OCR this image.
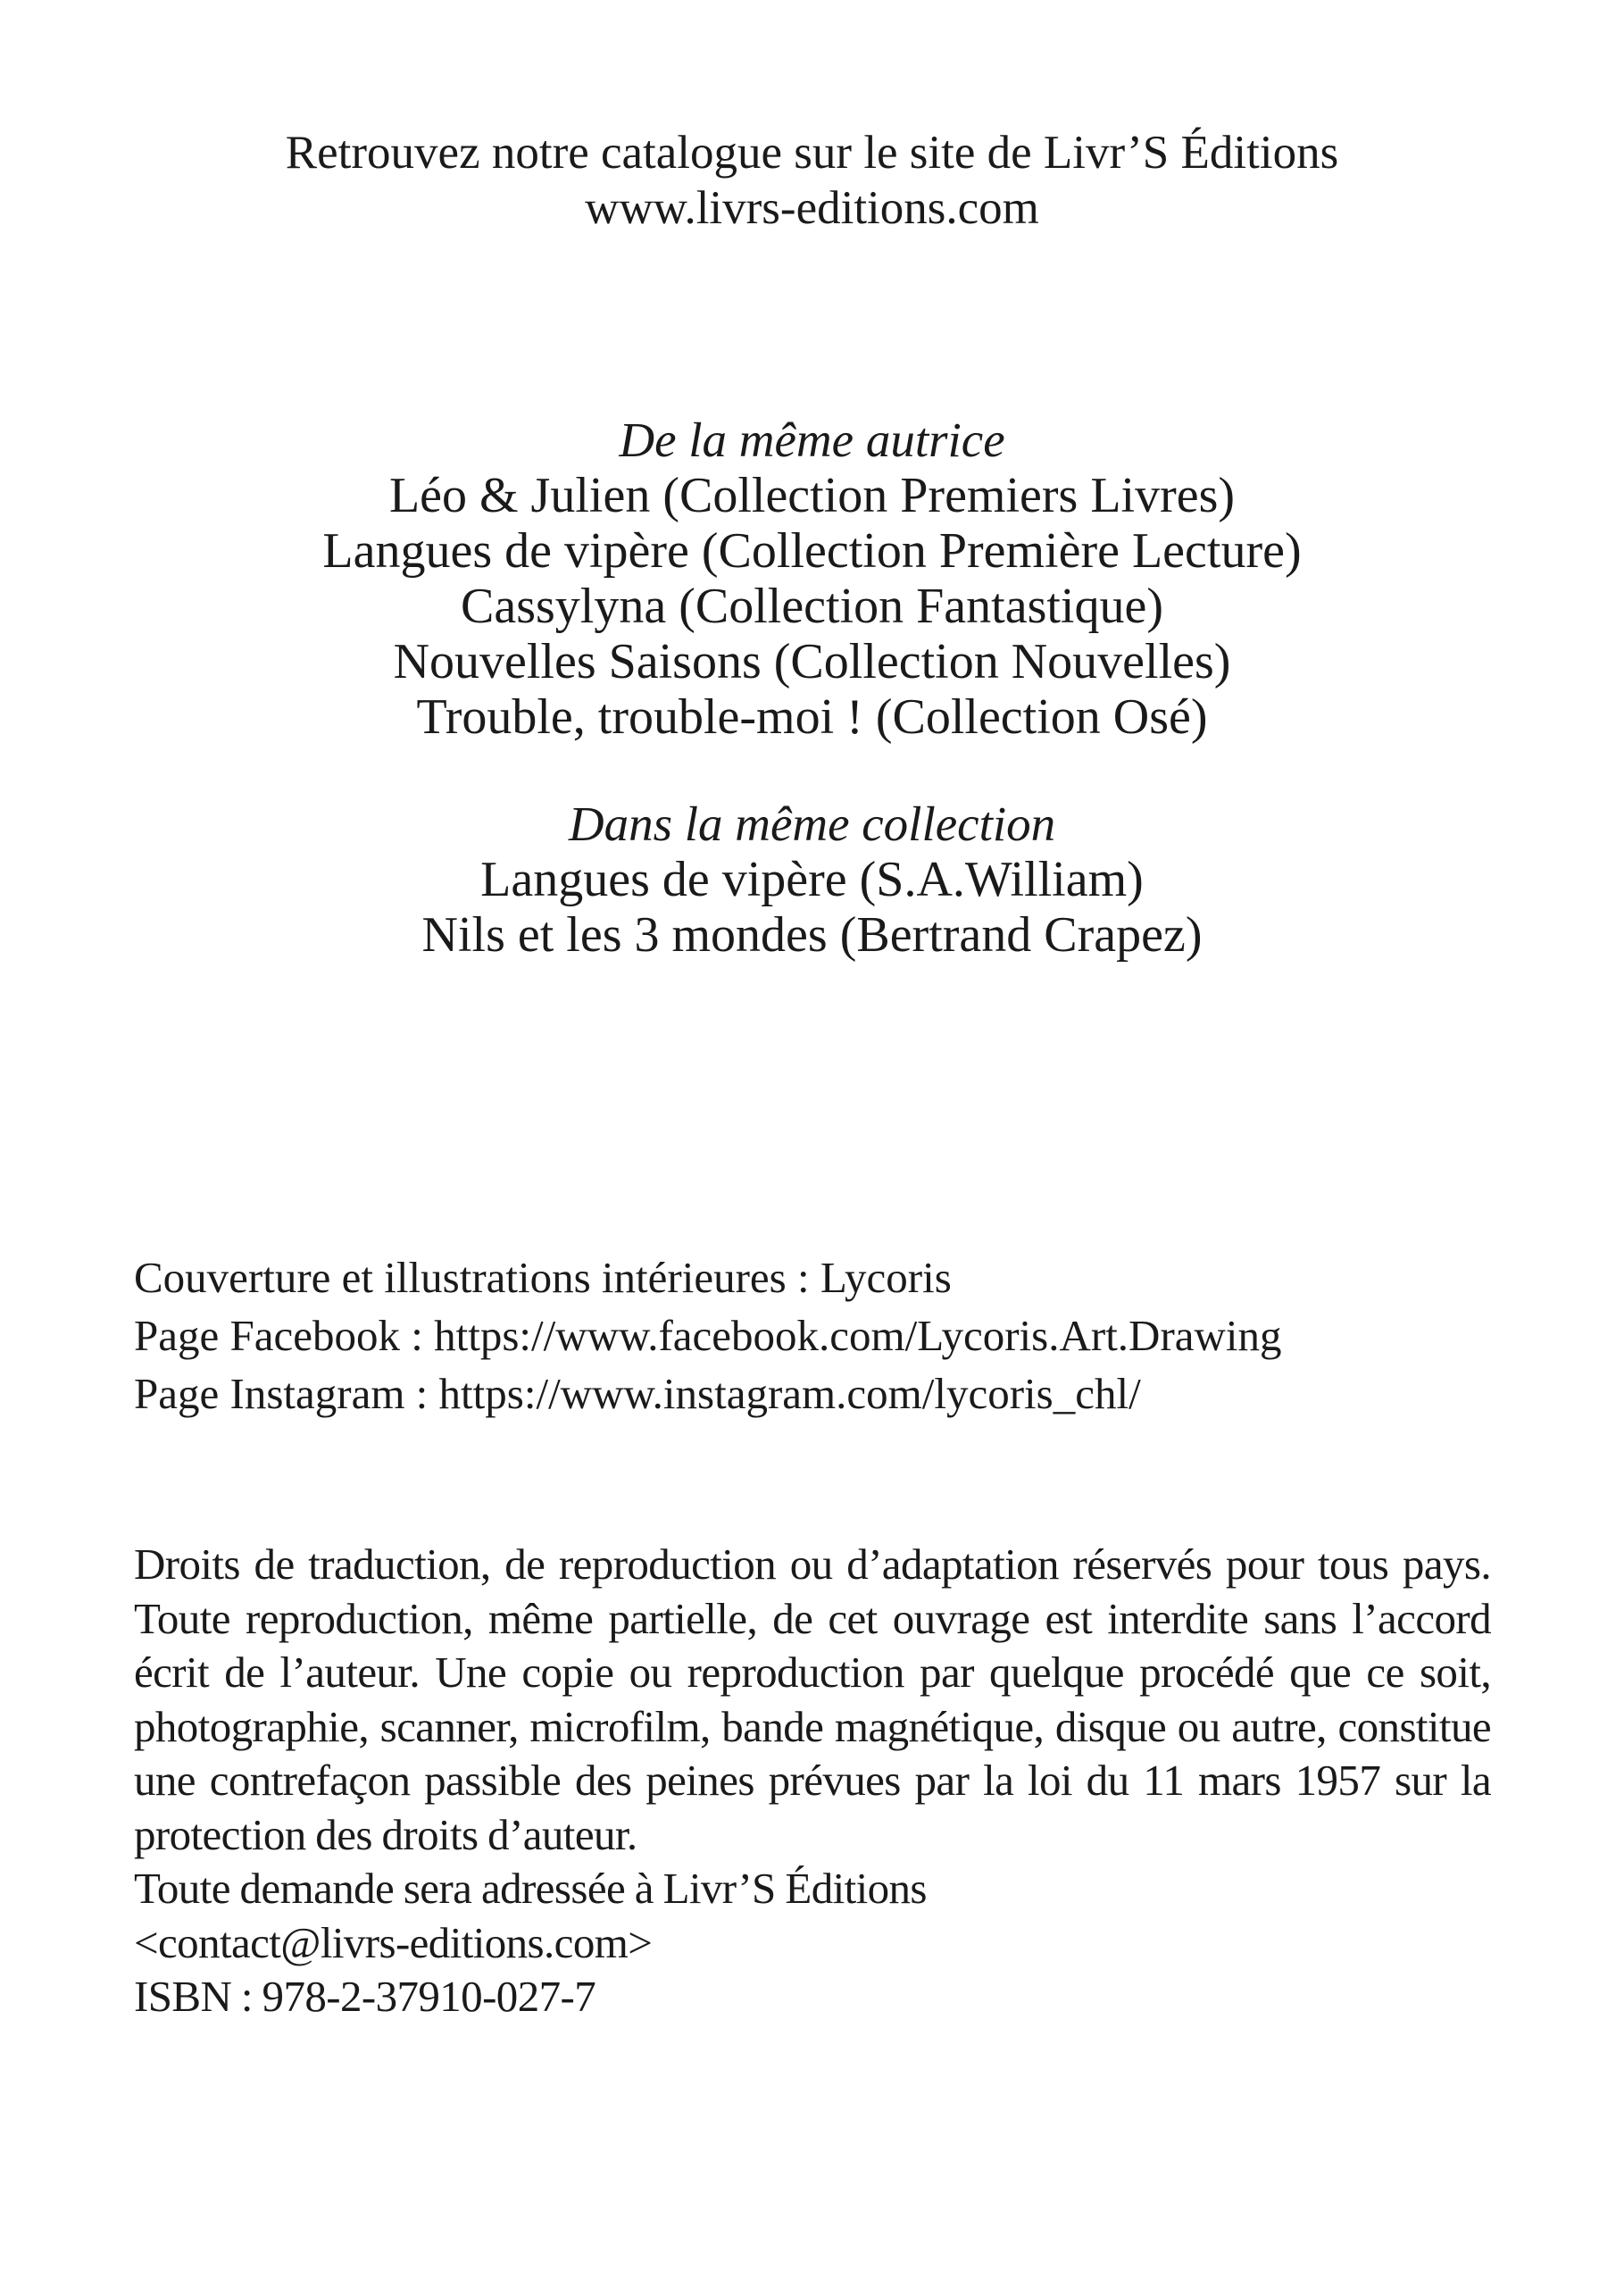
Retrouvez notre catalogue sur le site de Livr’S Éditions
www.livrs-editions.com
De la même autrice
Léo & Julien (Collection Premiers Livres)
Langues de vipère (Collection Première Lecture)
Cassylyna (Collection Fantastique)
Nouvelles Saisons (Collection Nouvelles)
Trouble, trouble-moi ! (Collection Osé)
Dans la même collection
Langues de vipère (S.A.William)
Nils et les 3 mondes (Bertrand Crapez)
Couverture et illustrations intérieures : Lycoris
Page Facebook : https://www.facebook.com/Lycoris.Art.Drawing
Page Instagram : https://www.instagram.com/lycoris_chl/
Droits de traduction, de reproduction ou d’adaptation réservés pour tous pays. Toute reproduction, même partielle, de cet ouvrage est interdite sans l’accord écrit de l’auteur. Une copie ou reproduction par quelque procédé que ce soit, photographie, scanner, microfilm, bande magnétique, disque ou autre, constitue une contrefaçon passible des peines prévues par la loi du 11 mars 1957 sur la protection des droits d’auteur.
Toute demande sera adressée à Livr’S Éditions
<contact@livrs-editions.com>
ISBN : 978-2-37910-027-7
